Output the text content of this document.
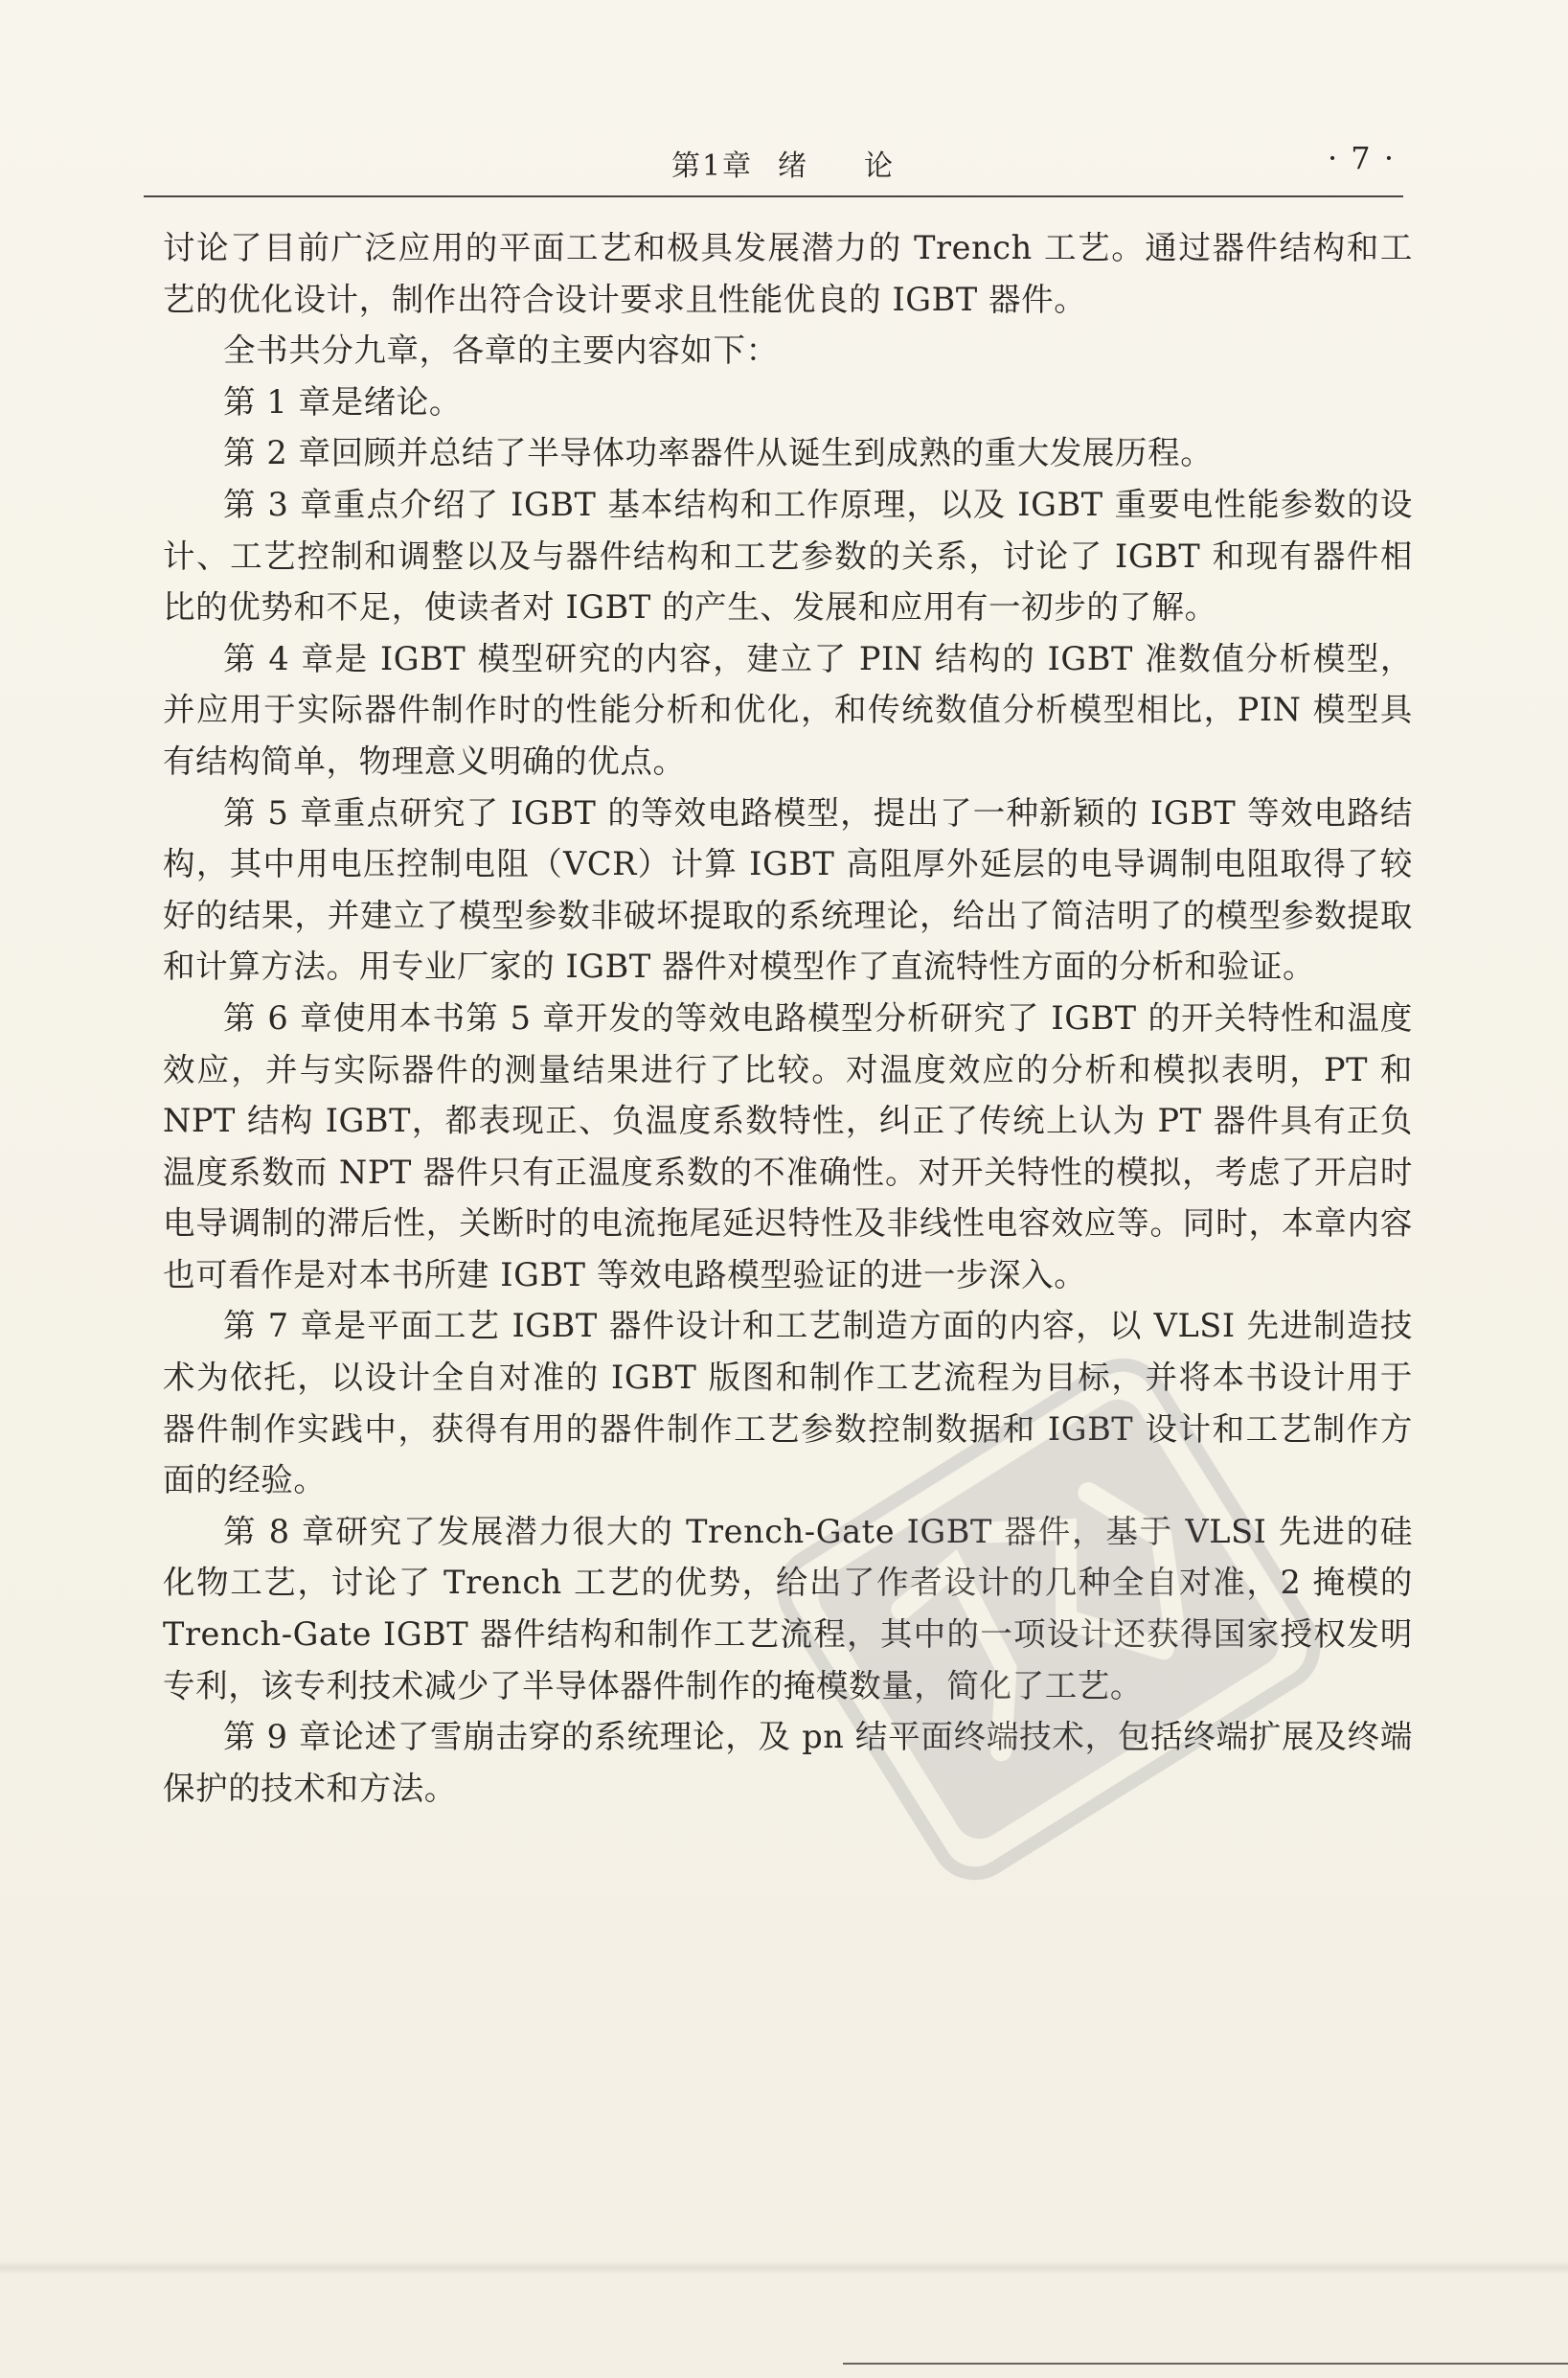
第1章 绪 论	· 7 ·

讨论了目前广泛应用的平面工艺和极具发展潜力的 Trench 工艺。通过器件结构和工艺的优化设计，制作出符合设计要求且性能优良的 IGBT 器件。

全书共分九章，各章的主要内容如下：

第 1 章是绪论。

第 2 章回顾并总结了半导体功率器件从诞生到成熟的重大发展历程。

第 3 章重点介绍了 IGBT 基本结构和工作原理，以及 IGBT 重要电性能参数的设计、工艺控制和调整以及与器件结构和工艺参数的关系，讨论了 IGBT 和现有器件相比的优势和不足，使读者对 IGBT 的产生、发展和应用有一初步的了解。

第 4 章是 IGBT 模型研究的内容，建立了 PIN 结构的 IGBT 准数值分析模型，并应用于实际器件制作时的性能分析和优化，和传统数值分析模型相比，PIN 模型具有结构简单，物理意义明确的优点。

第 5 章重点研究了 IGBT 的等效电路模型，提出了一种新颖的 IGBT 等效电路结构，其中用电压控制电阻（VCR）计算 IGBT 高阻厚外延层的电导调制电阻取得了较好的结果，并建立了模型参数非破坏提取的系统理论，给出了简洁明了的模型参数提取和计算方法。用专业厂家的 IGBT 器件对模型作了直流特性方面的分析和验证。

第 6 章使用本书第 5 章开发的等效电路模型分析研究了 IGBT 的开关特性和温度效应，并与实际器件的测量结果进行了比较。对温度效应的分析和模拟表明，PT 和 NPT 结构 IGBT，都表现正、负温度系数特性，纠正了传统上认为 PT 器件具有正负温度系数而 NPT 器件只有正温度系数的不准确性。对开关特性的模拟，考虑了开启时电导调制的滞后性，关断时的电流拖尾延迟特性及非线性电容效应等。同时，本章内容也可看作是对本书所建 IGBT 等效电路模型验证的进一步深入。

第 7 章是平面工艺 IGBT 器件设计和工艺制造方面的内容，以 VLSI 先进制造技术为依托，以设计全自对准的 IGBT 版图和制作工艺流程为目标，并将本书设计用于器件制作实践中，获得有用的器件制作工艺参数控制数据和 IGBT 设计和工艺制作方面的经验。

第 8 章研究了发展潜力很大的 Trench-Gate IGBT 器件，基于 VLSI 先进的硅化物工艺，讨论了 Trench 工艺的优势，给出了作者设计的几种全自对准，2 掩模的 Trench-Gate IGBT 器件结构和制作工艺流程，其中的一项设计还获得国家授权发明专利，该专利技术减少了半导体器件制作的掩模数量，简化了工艺。

第 9 章论述了雪崩击穿的系统理论，及 pn 结平面终端技术，包括终端扩展及终端保护的技术和方法。
